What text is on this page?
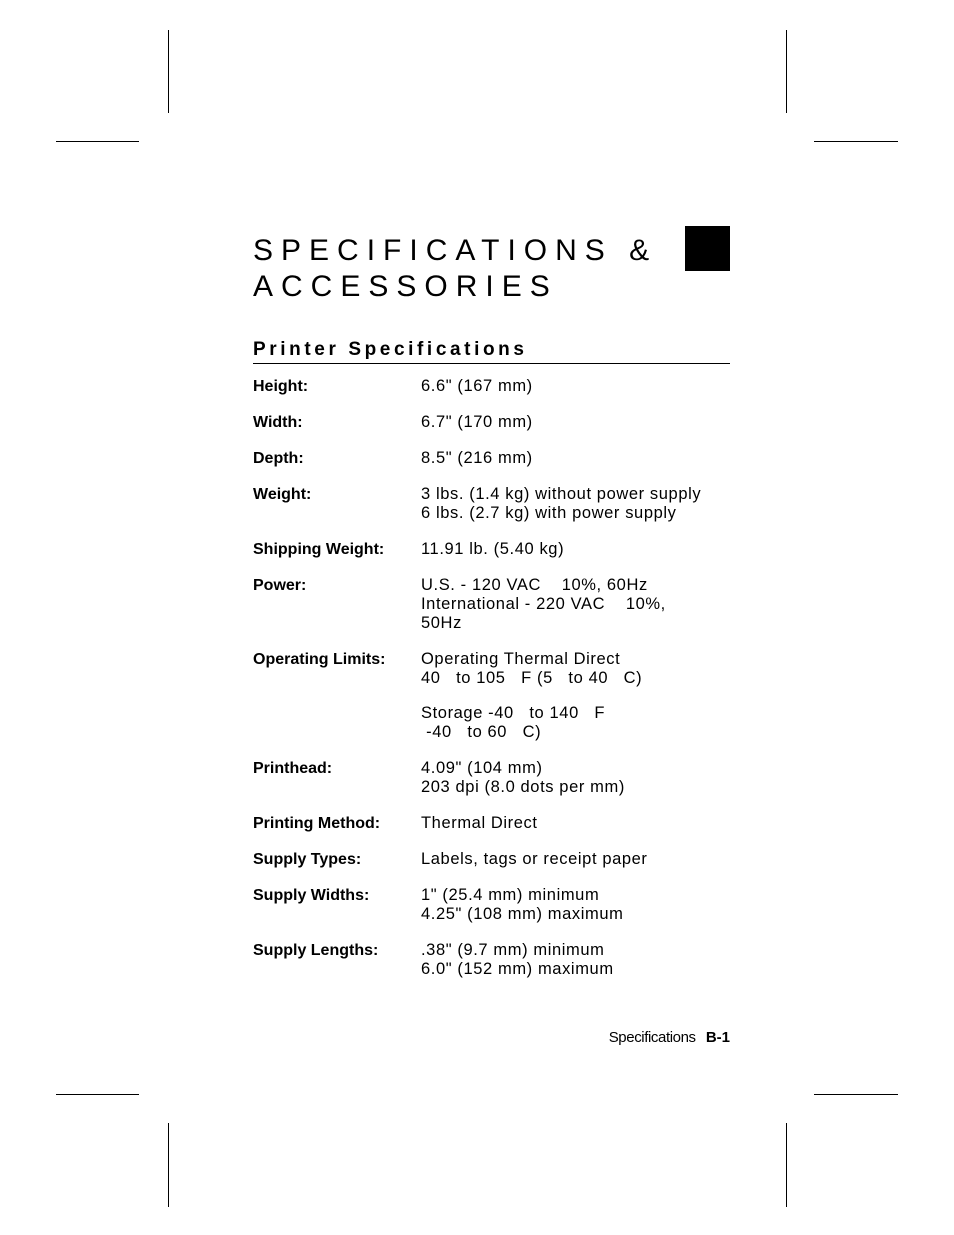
SPECIFICATIONS &
ACCESSORIES
Printer Specifications
Height:	6.6" (167 mm)
Width:	6.7" (170 mm)
Depth:	8.5" (216 mm)
Weight:	3 lbs. (1.4 kg) without power supply
6 lbs. (2.7 kg) with power supply
Shipping Weight:	11.91 lb. (5.40 kg)
Power:	U.S. - 120 VAC    10%, 60Hz
International - 220 VAC    10%,
50Hz
Operating Limits:	Operating Thermal Direct
40   to 105   F (5   to 40   C)
Storage -40   to 140   F
-40   to 60   C)
Printhead:	4.09" (104 mm)
203 dpi (8.0 dots per mm)
Printing Method:	Thermal Direct
Supply Types:	Labels, tags or receipt paper
Supply Widths:	1" (25.4 mm) minimum
4.25" (108 mm) maximum
Supply Lengths:	.38" (9.7 mm) minimum
6.0" (152 mm) maximum
Specifications B-1
